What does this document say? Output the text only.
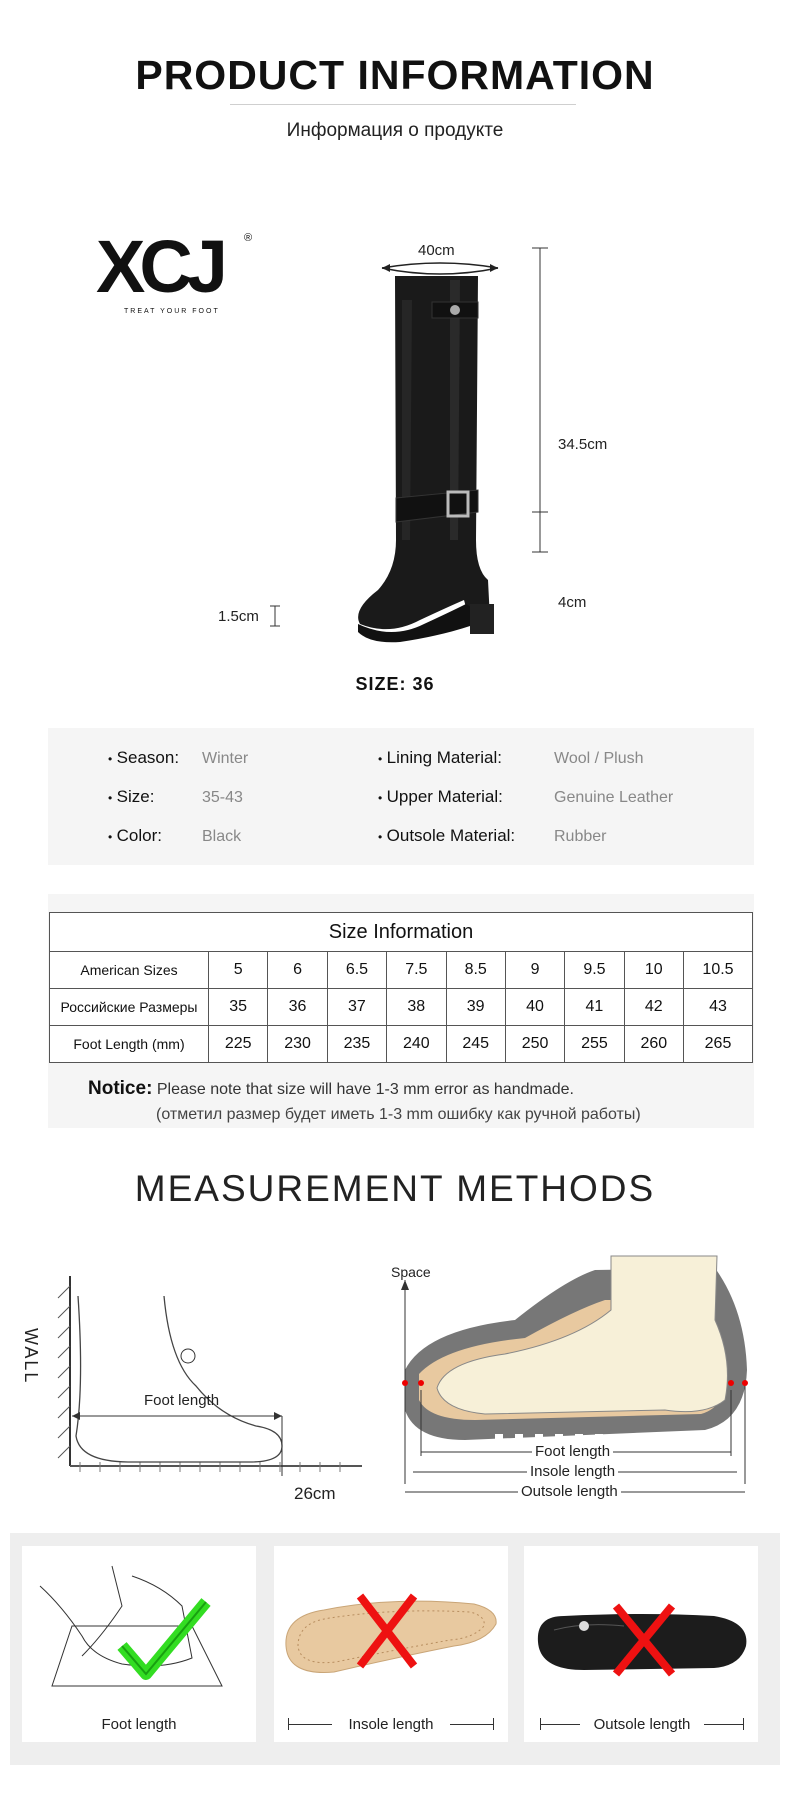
PRODUCT INFORMATION
Информация о продукте
XCJ ®
TREAT YOUR FOOT
40cm
34.5cm
4cm
1.5cm
SIZE: 36
• Season: Winter
• Size:	35-43
• Color: Black
• Lining Material:	Wool / Plush
• Upper Material:	Genuine Leather
• Outsole Material: Rubber
Size Information									
American Sizes	5	6	6.5	7.5	8.5	9	9.5	10	10.5
Российские Размеры	35	36	37	38	39	40	41	42	43
Foot Length (mm)	225	230	235	240	245	250	255	260	265
Notice: Please note that size will have 1-3 mm error as handmade.
(отметил размер будет иметь 1-3 mm ошибку как ручной работы)
MEASUREMENT METHODS
WALL
Foot length
26cm
Space
Foot length
Insole length
Outsole length
Foot length	Insole length	Outsole length
